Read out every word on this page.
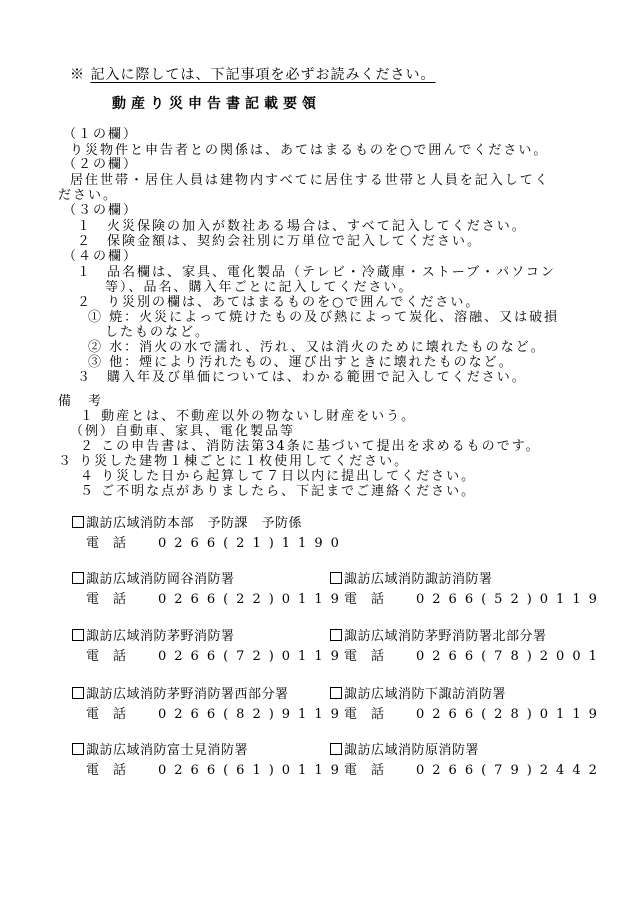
※ 記入に際しては、下記事項を必ずお読みください。
動産り災申告書記載要領
（１の欄）
り災物件と申告者との関係は、あてはまるものを○で囲んでください。
（２の欄）
居住世帯・居住人員は建物内すべてに居住する世帯と人員を記入してく
ださい。
（３の欄）
１　火災保険の加入が数社ある場合は、すべて記入してください。
２　保険金額は、契約会社別に万単位で記入してください。
（４の欄）
１　品名欄は、家具、電化製品（テレビ・冷蔵庫・ストーブ・パソコン
等）、品名、購入年ごとに記入してください。
２　り災別の欄は、あてはまるものを○で囲んでください。
① 焼：火災によって焼けたもの及び熱によって炭化、溶融、又は破損
したものなど。
② 水：消火の水で濡れ、汚れ、又は消火のために壊れたものなど。
③ 他：煙により汚れたもの、運び出すときに壊れたものなど。
３　購入年及び単価については、わかる範囲で記入してください。
備　考
１ 動産とは、不動産以外の物ないし財産をいう。
（例）自動車、家具、電化製品等
２ この申告書は、消防法第34条に基づいて提出を求めるものです。
３ り災した建物１棟ごとに１枚使用してください。
４ り災した日から起算して７日以内に提出してください。
５ ご不明な点がありましたら、下記までご連絡ください。
諏訪広域消防本部　予防課　予防係
電話 0266(21)1190
諏訪広域消防岡谷消防署
電話 0266(22)0119
諏訪広域消防諏訪消防署
電話 0266(52)0119
諏訪広域消防茅野消防署
電話 0266(72)0119
諏訪広域消防茅野消防署北部分署
電話 0266(78)2001
諏訪広域消防茅野消防署西部分署
電話 0266(82)9119
諏訪広域消防下諏訪消防署
電話 0266(28)0119
諏訪広域消防富士見消防署
電話 0266(61)0119
諏訪広域消防原消防署
電話 0266(79)2442
